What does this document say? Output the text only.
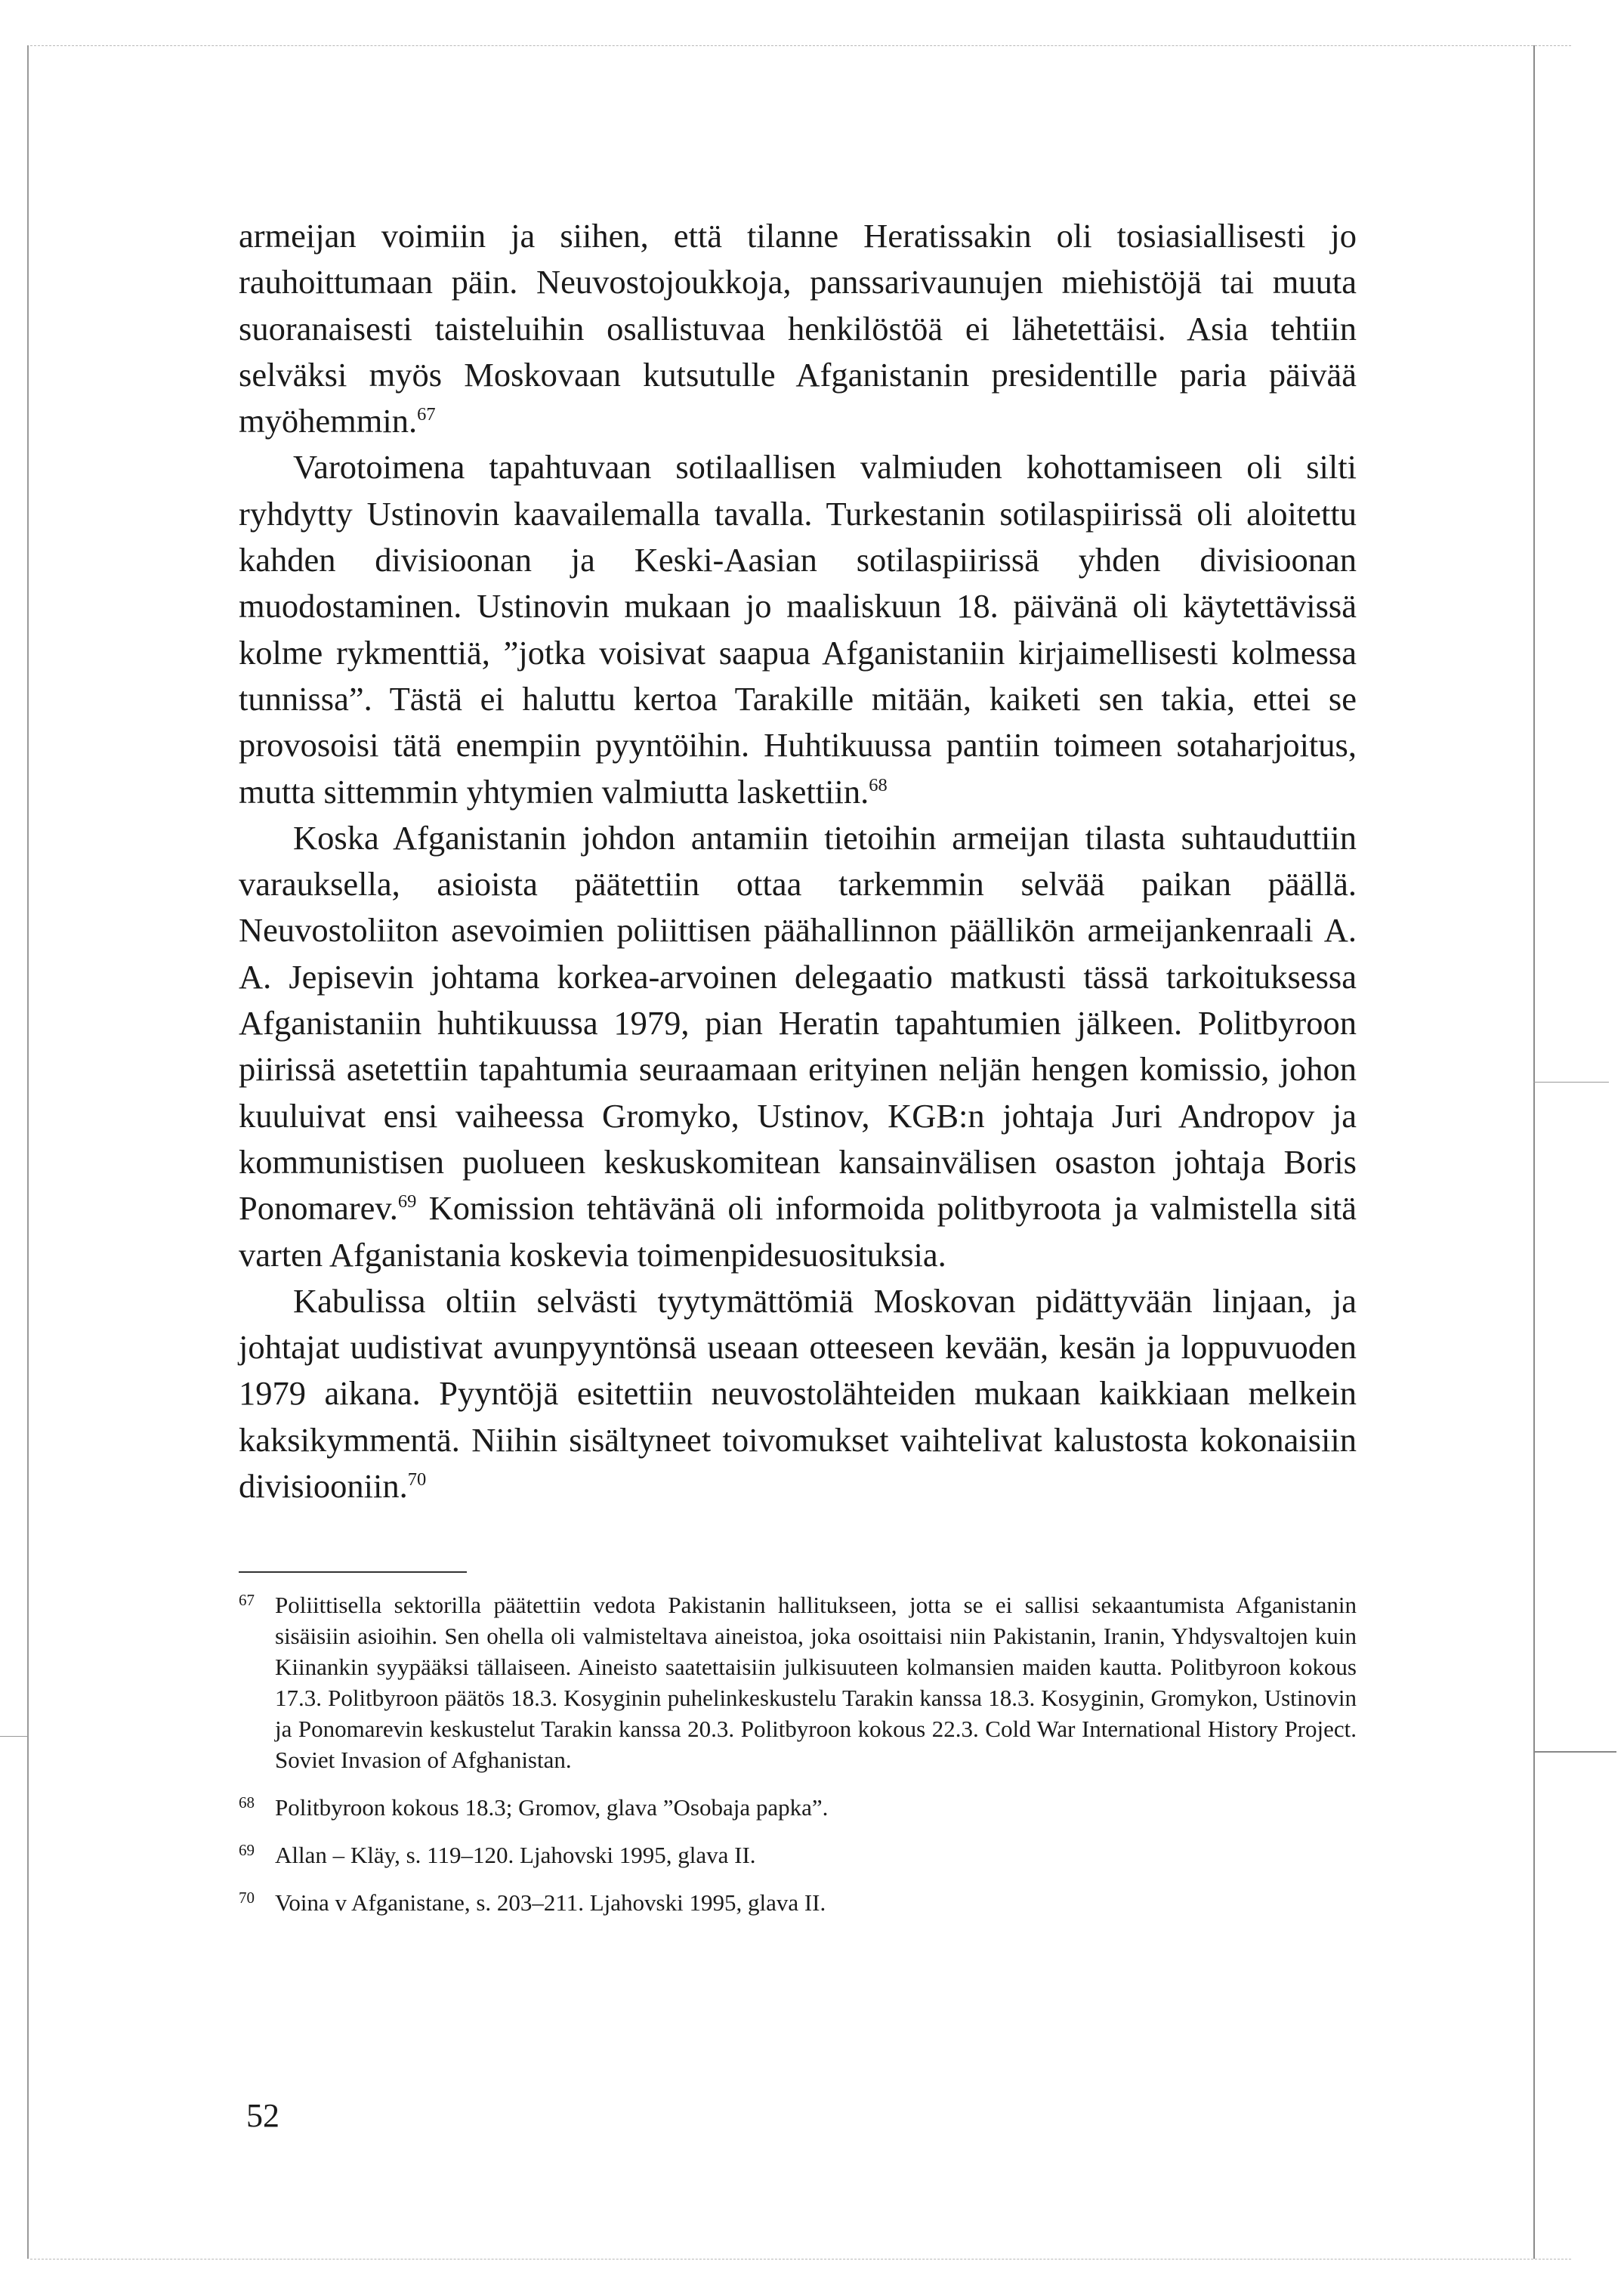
armeijan voimiin ja siihen, että tilanne Heratissakin oli tosiasiallisesti jo rauhoittumaan päin. Neuvostojoukkoja, panssarivaunujen miehistöjä tai muuta suoranaisesti taisteluihin osallistuvaa henkilöstöä ei lähetettäisi. Asia tehtiin selväksi myös Moskovaan kutsutulle Afganistanin presidentille paria päivää myöhemmin.$^{67}$

Varotoimena tapahtuvaan sotilaallisen valmiuden kohottamiseen oli silti ryhdytty Ustinovin kaavailemalla tavalla. Turkestanin sotilaspiirissä oli aloitettu kahden divisioonan ja Keski-Aasian sotilaspiirissä yhden divisioonan muodostaminen. Ustinovin mukaan jo maaliskuun 18. päivänä oli käytettävissä kolme rykmenttiä, ”jotka voisivat saapua Afganistaniin kirjaimellisesti kolmessa tunnissa”. Tästä ei haluttu kertoa Tarakille mitään, kaiketi sen takia, ettei se provosoisi tätä enempiin pyyntöihin. Huhtikuussa pantiin toimeen sotaharjoitus, mutta sittemmin yhtymien valmiutta laskettiin.$^{68}$

Koska Afganistanin johdon antamiin tietoihin armeijan tilasta suhtauduttiin varauksella, asioista päätettiin ottaa tarkemmin selvää paikan päällä. Neuvostoliiton asevoimien poliittisen päähallinnon päällikön armeijankenraali A. A. Jepisevin johtama korkea-arvoinen delegaatio matkusti tässä tarkoituksessa Afganistaniin huhtikuussa 1979, pian Heratin tapahtumien jälkeen. Politbyroon piirissä asetettiin tapahtumia seuraamaan erityinen neljän hengen komissio, johon kuuluivat ensi vaiheessa Gromyko, Ustinov, KGB:n johtaja Juri Andropov ja kommunistisen puolueen keskuskomitean kansainvälisen osaston johtaja Boris Ponomarev.$^{69}$ Komission tehtävänä oli informoida politbyroota ja valmistella sitä varten Afganistania koskevia toimenpidesuosituksia.

Kabulissa oltiin selvästi tyytymättömiä Moskovan pidättyvään linjaan, ja johtajat uudistivat avunpyyntönsä useaan otteeseen kevään, kesän ja loppuvuoden 1979 aikana. Pyyntöjä esitettiin neuvostolähteiden mukaan kaikkiaan melkein kaksikymmentä. Niihin sisältyneet toivomukset vaihtelivat kalustosta kokonaisiin divisiooniin.$^{70}$

67 Poliittisella sektorilla päätettiin vedota Pakistanin hallitukseen, jotta se ei sallisi sekaantumista Afganistanin sisäisiin asioihin. Sen ohella oli valmisteltava aineistoa, joka osoittaisi niin Pakistanin, Iranin, Yhdysvaltojen kuin Kiinankin syypääksi tällaiseen. Aineisto saatettaisiin julkisuuteen kolmansien maiden kautta. Politbyroon kokous 17.3. Politbyroon päätös 18.3. Kosyginin puhelinkeskustelu Tarakin kanssa 18.3. Kosyginin, Gromykon, Ustinovin ja Ponomarevin keskustelut Tarakin kanssa 20.3. Politbyroon kokous 22.3. Cold War International History Project. Soviet Invasion of Afghanistan.
68 Politbyroon kokous 18.3; Gromov, glava ”Osobaja papka”.
69 Allan – Kläy, s. 119–120. Ljahovski 1995, glava II.
70 Voina v Afganistane, s. 203–211. Ljahovski 1995, glava II.
52
